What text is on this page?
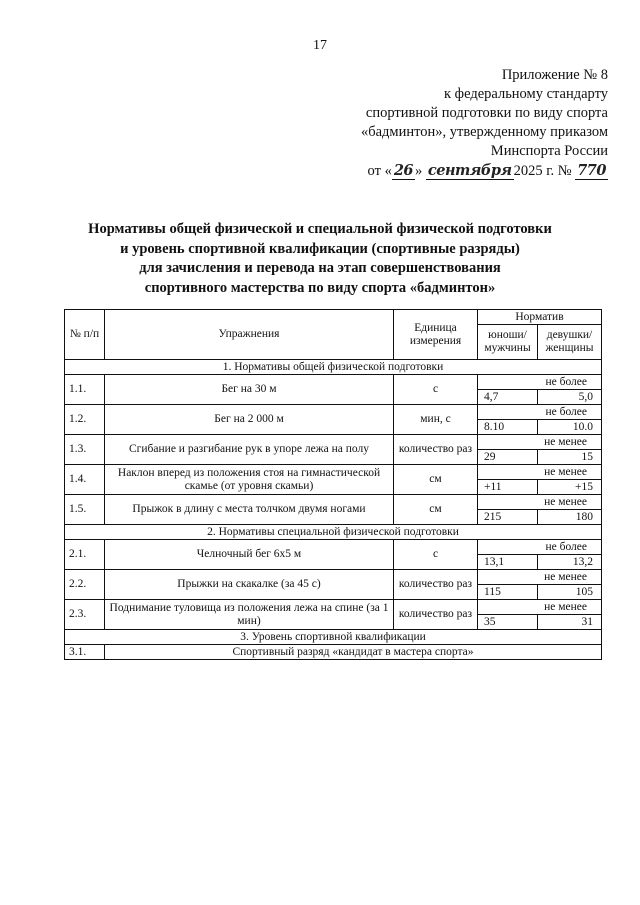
17
Приложение № 8
к федеральному стандарту
спортивной подготовки по виду спорта
«бадминтон», утвержденному приказом
Минспорта России
от « 26 » сентября 2025 г. № 770
Нормативы общей физической и специальной физической подготовки
и уровень спортивной квалификации (спортивные разряды)
для зачисления и перевода на этап совершенствования
спортивного мастерства по виду спорта «бадминтон»
№ п/п	Упражнения	Единица измерения	Норматив	
			юноши/ мужчины	девушки/ женщины
1. Нормативы общей физической подготовки				
1.1.	Бег на 30 м	с	не более	
			4,7	5,0
1.2.	Бег на 2 000 м	мин, с	не более	
			8.10	10.0
1.3.	Сгибание и разгибание рук в упоре лежа на полу	количество раз	не менее	
			29	15
1.4.	Наклон вперед из положения стоя на гимнастической скамье (от уровня скамьи)	см	не менее	
			+11	+15
1.5.	Прыжок в длину с места толчком двумя ногами	см	не менее	
			215	180
2. Нормативы специальной физической подготовки				
2.1.	Челночный бег 6x5 м	с	не более	
			13,1	13,2
2.2.	Прыжки на скакалке (за 45 с)	количество раз	не менее	
			115	105
2.3.	Поднимание туловища из положения лежа на спине (за 1 мин)	количество раз	не менее	
			35	31
3. Уровень спортивной квалификации				
3.1.	Спортивный разряд «кандидат в мастера спорта»			
